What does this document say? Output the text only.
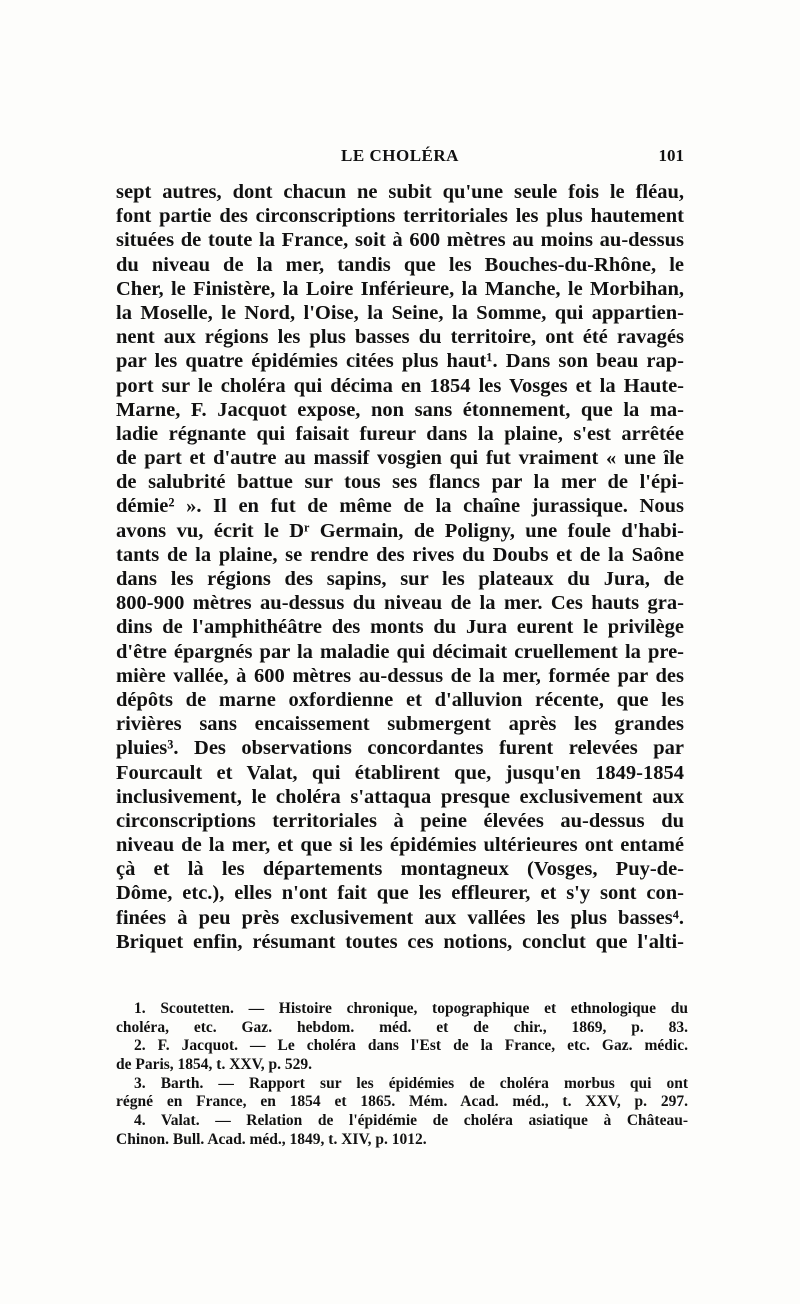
LE CHOLÉRA	101
sept autres, dont chacun ne subit qu'une seule fois le fléau,
font partie des circonscriptions territoriales les plus hautement
situées de toute la France, soit à 600 mètres au moins au-dessus
du niveau de la mer, tandis que les Bouches-du-Rhône, le
Cher, le Finistère, la Loire Inférieure, la Manche, le Morbihan,
la Moselle, le Nord, l'Oise, la Seine, la Somme, qui appartien-
nent aux régions les plus basses du territoire, ont été ravagés
par les quatre épidémies citées plus haut¹. Dans son beau rap-
port sur le choléra qui décima en 1854 les Vosges et la Haute-
Marne, F. Jacquot expose, non sans étonnement, que la ma-
ladie régnante qui faisait fureur dans la plaine, s'est arrêtée
de part et d'autre au massif vosgien qui fut vraiment « une île
de salubrité battue sur tous ses flancs par la mer de l'épi-
démie² ». Il en fut de même de la chaîne jurassique. Nous
avons vu, écrit le Dʳ Germain, de Poligny, une foule d'habi-
tants de la plaine, se rendre des rives du Doubs et de la Saône
dans les régions des sapins, sur les plateaux du Jura, de
800-900 mètres au-dessus du niveau de la mer. Ces hauts gra-
dins de l'amphithéâtre des monts du Jura eurent le privilège
d'être épargnés par la maladie qui décimait cruellement la pre-
mière vallée, à 600 mètres au-dessus de la mer, formée par des
dépôts de marne oxfordienne et d'alluvion récente, que les
rivières sans encaissement submergent après les grandes
pluies³. Des observations concordantes furent relevées par
Fourcault et Valat, qui établirent que, jusqu'en 1849-1854
inclusivement, le choléra s'attaqua presque exclusivement aux
circonscriptions territoriales à peine élevées au-dessus du
niveau de la mer, et que si les épidémies ultérieures ont entamé
çà et là les départements montagneux (Vosges, Puy-de-
Dôme, etc.), elles n'ont fait que les effleurer, et s'y sont con-
finées à peu près exclusivement aux vallées les plus basses⁴.
Briquet enfin, résumant toutes ces notions, conclut que l'alti-
1. Scoutetten. — Histoire chronique, topographique et ethnologique du
choléra, etc. Gaz. hebdom. méd. et de chir., 1869, p. 83.
2. F. Jacquot. — Le choléra dans l'Est de la France, etc. Gaz. médic.
de Paris, 1854, t. XXV, p. 529.
3. Barth. — Rapport sur les épidémies de choléra morbus qui ont
régné en France, en 1854 et 1865. Mém. Acad. méd., t. XXV, p. 297.
4. Valat. — Relation de l'épidémie de choléra asiatique à Château-
Chinon. Bull. Acad. méd., 1849, t. XIV, p. 1012.
